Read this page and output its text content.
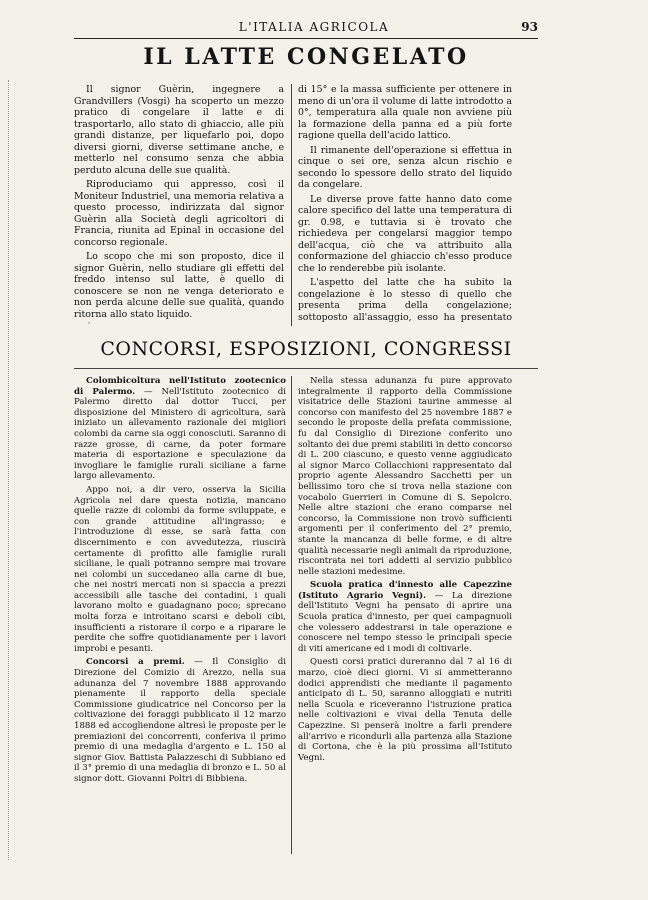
L'ITALIA AGRICOLA	93
IL LATTE CONGELATO

Il signor Guèrin, ingegnere a Grandvillers (Vosgi) ha scoperto un mezzo pratico di congelare il latte e di trasportarlo, allo stato di ghiaccio, alle più grandi distanze, per liquefarlo poi, dopo diversi giorni, diverse settimane anche, e metterlo nel consumo senza che abbia perduto alcuna delle sue qualità.

Riproduciamo qui appresso, così il Moniteur Industriel, una memoria relativa a questo processo, indirizzata dal signor Guèrin alla Società degli agricoltori di Francia, riunita ad Epinal in occasione del concorso regionale.

Lo scopo che mi son proposto, dice il signor Guèrin, nello studiare gli effetti del freddo intenso sul latte, è quello di conoscere se non ne venga deteriorato e non perda alcune delle sue qualità, quando ritorna allo stato liquido.

di 15° e la massa sufficiente per ottenere in meno di un'ora il volume di latte introdotto a 0°, temperatura alla quale non avviene più la formazione della panna ed a più forte ragione quella dell'acido lattico.

Il rimanente dell'operazione si effettua in cinque o sei ore, senza alcun rischio e secondo lo spessore dello strato del liquido da congelare.

Le diverse prove fatte hanno dato come calore specifico del latte una temperatura di gr. 0.98, e tuttavia si è trovato che richiedeva per congelarsi maggior tempo dell'acqua, ciò che va attribuito alla conformazione del ghiaccio ch'esso produce che lo renderebbe più isolante.

L'aspetto del latte che ha subito la congelazione è lo stesso di quello che presenta prima della congelazione; sottoposto all'assaggio, esso ha presentato

CONCORSI, ESPOSIZIONI, CONGRESSI

Colombicoltura nell'Istituto zootecnico di Palermo. — Nell'Istituto zootecnico di Palermo diretto dal dottor Tucci, per disposizione del Ministero di agricoltura, sarà iniziato un allevamento razionale dei migliori colombi da carne sia oggi conosciuti. Saranno di razze grosse, di carne, da poter formare materia di esportazione e speculazione da invogliare le famiglie rurali siciliane a farne largo allevamento.

Appo noi, a dir vero, osserva la Sicilia Agricola nel dare questa notizia, mancano quelle razze di colombi da forme sviluppate, e con grande attitudine all'ingrasso; e l'introduzione di esse, se sarà fatta con discernimento e con avvedutezza, riuscirà certamente di profitto alle famiglie rurali siciliane, le quali potranno sempre mai trovare nei colombi un succedaneo alla carne di bue, che nei nostri mercati non si spaccia a prezzi accessibili alle tasche dei contadini, i quali lavorano molto e guadagnano poco; sprecano molta forza e introitano scarsi e deboli cibi, insufficienti a ristorare il corpo e a riparare le perdite che soffre quotidianamente per i lavori improbi e pesanti.

Concorsi a premi. — Il Consiglio di Direzione del Comizio di Arezzo, nella sua adunanza del 7 novembre 1888 approvando pienamente il rapporto della speciale Commissione giudicatrice nel Concorso per la coltivazione dei foraggi pubblicato il 12 marzo 1888 ed accogliendone altresì le proposte per le premiazioni dei concorrenti, conferiva il primo premio di una medaglia d'argento e L. 150 al signor Giov. Battista Palazzeschi di Subbiano ed il 3° premio di una medaglia di bronzo e L. 50 al signor dott. Giovanni Poltri di Bibbiena.

Nella stessa adunanza fu pure approvato integralmente il rapporto della Commissione visitatrice delle Stazioni taurine ammesse al concorso con manifesto del 25 novembre 1887 e secondo le proposte della prefata commissione, fu dal Consiglio di Direzione conferito uno soltanto dei due premi stabiliti in detto concorso di L. 200 ciascuno, e questo venne aggiudicato al signor Marco Collacchioni rappresentato dal proprio agente Alessandro Sacchetti per un bellissimo toro che si trova nella stazione con vocabolo Guerrieri in Comune di S. Sepolcro. Nelle altre stazioni che erano comparse nel concorso, la Commissione non trovò sufficienti argomenti per il conferimento del 2° premio, stante la mancanza di belle forme, e di altre qualità necessarie negli animali da riproduzione, riscontrata nei tori addetti al servizio pubblico nelle stazioni medesime.

Scuola pratica d'innesto alle Capezzine (Istituto Agrario Vegni). — La direzione dell'Istituto Vegni ha pensato di aprire una Scuola pratica d'innesto, per quei campagnuoli che volessero addestrarsi in tale operazione e conoscere nel tempo stesso le principali specie di viti americane ed i modi di coltivarle.

Questi corsi pratici dureranno dal 7 al 16 di marzo, cioè dieci giorni. Vi si ammetteranno dodici apprendisti che mediante il pagamento anticipato di L. 50, saranno alloggiati e nutriti nella Scuola e riceveranno l'istruzione pratica nelle coltivazioni e vivai della Tenuta delle Capezzine. Si penserà inoltre a farli prendere all'arrivo e ricondurli alla partenza alla Stazione di Cortona, che è la più prossima all'Istituto Vegni.
